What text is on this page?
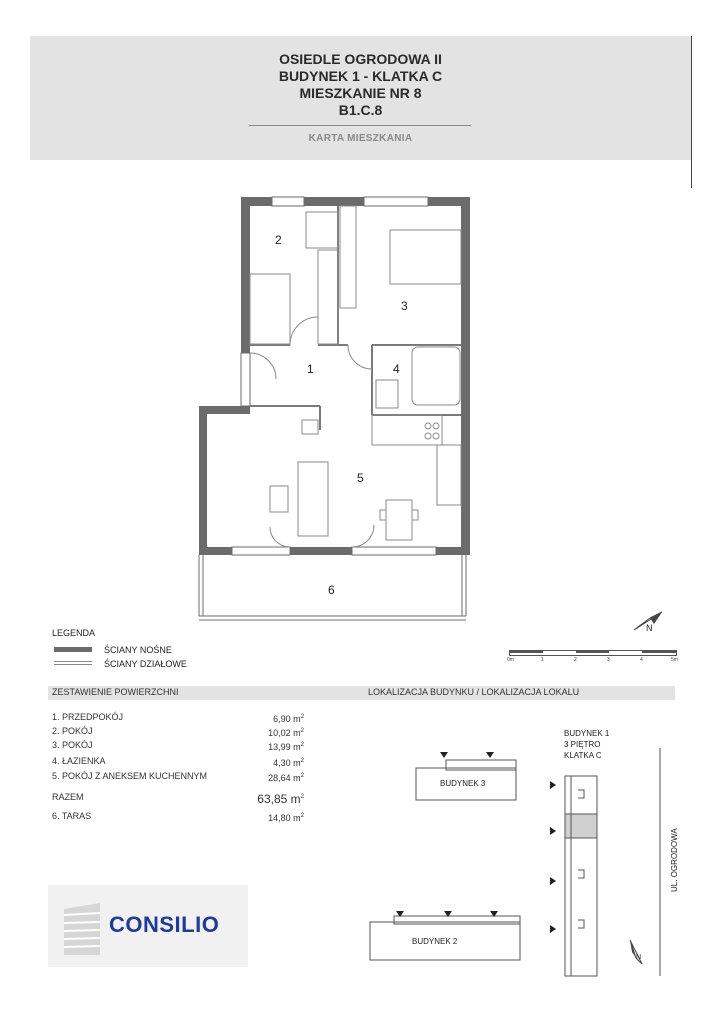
OSIEDLE OGRODOWA II
BUDYNEK 1 - KLATKA C
MIESZKANIE NR 8
B1.C.8
KARTA MIESZKANIA
2
3
1	4
5
6
LEGENDA
ŚCIANY NOŚNE
ŚCIANY DZIAŁOWE
N
0m	1	2	3	4	5m
ZESTAWIENIE POWIERZCHNI	LOKALIZACJA BUDYNKU / LOKALIZACJA LOKALU
1. PRZEDPOKÓJ	6,90 $m^2$
2. POKÓJ	10,02 $m^2$
3. POKÓJ	13,99 $m^2$
4. ŁAZIENKA	4,30 $m^2$
5. POKÓJ Z ANEKSEM KUCHENNYM	28,64 $m^2$
RAZEM	63,85 $m^2$
6. TARAS	14,80 $m^2$
BUDYNEK 3
BUDYNEK 2
BUDYNEK 1
3 PIĘTRO
KLATKA C
UL. OGRODOWA
N
CONSILIO
